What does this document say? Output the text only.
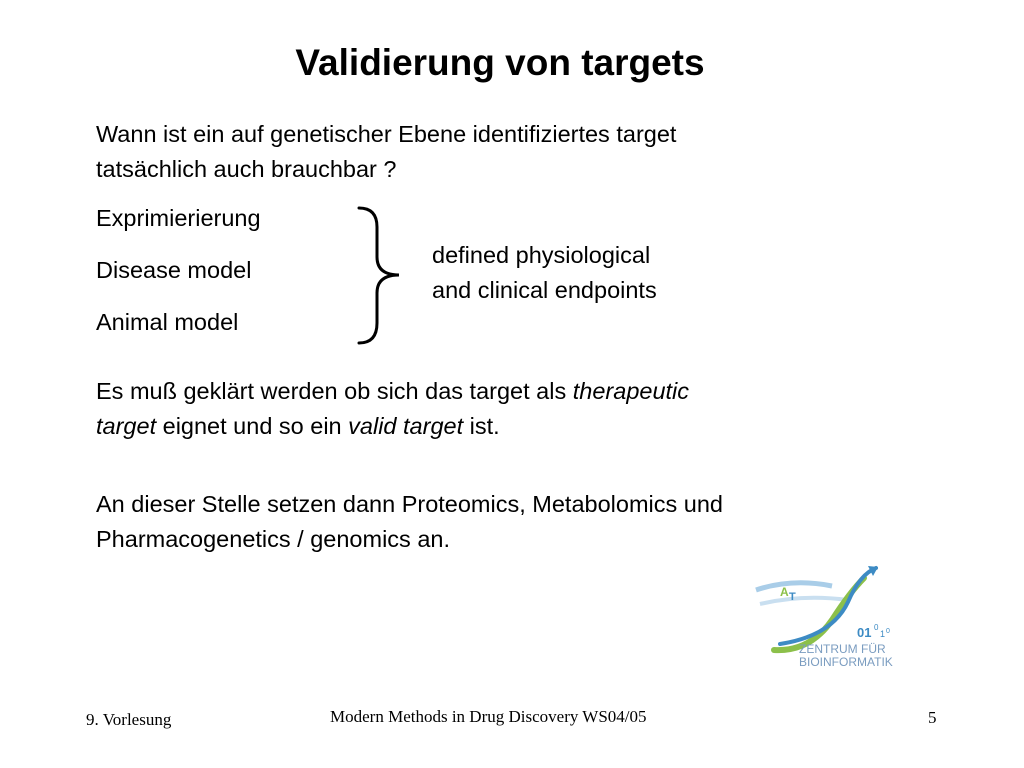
Validierung von targets
Wann ist ein auf genetischer Ebene identifiziertes target
tatsächlich auch brauchbar ?
Exprimierierung
Disease model
Animal model
defined physiological
and clinical endpoints
Es muß geklärt werden ob sich das target als therapeutic
target eignet und so ein valid target ist.
An dieser Stelle setzen dann Proteomics, Metabolomics und
Pharmacogenetics / genomics an.
A T
01 0
1 0
ZENTRUM FÜR
BIOINFORMATIK
9. Vorlesung	Modern Methods in Drug Discovery WS04/05	5
